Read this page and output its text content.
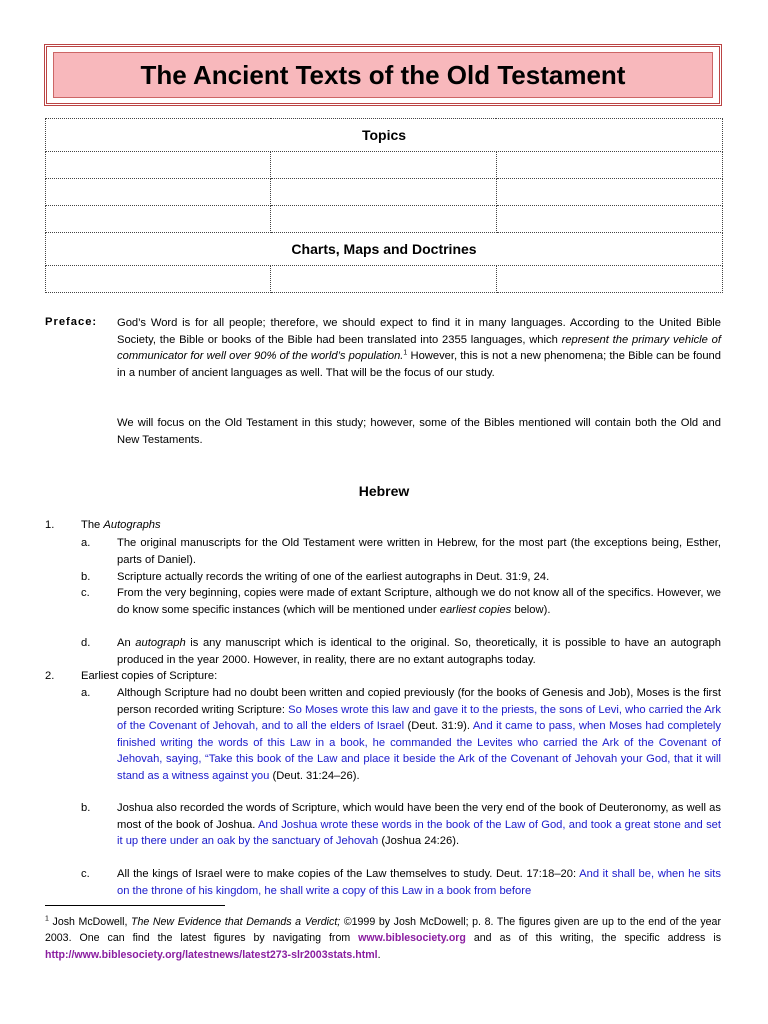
The Ancient Texts of the Old Testament
Topics		

Charts, Maps and Doctrines		

Preface: God’s Word is for all people; therefore, we should expect to find it in many languages. According to the United Bible Society, the Bible or books of the Bible had been translated into 2355 languages, which represent the primary vehicle of communicator for well over 90% of the world’s population.$^1$ However, this is not a new phenomena; the Bible can be found in a number of ancient languages as well. That will be the focus of our study.
We will focus on the Old Testament in this study; however, some of the Bibles mentioned will contain both the Old and New Testaments.
Hebrew
1. The Autographs
a. The original manuscripts for the Old Testament were written in Hebrew, for the most part (the exceptions being, Esther, parts of Daniel).
b. Scripture actually records the writing of one of the earliest autographs in Deut. 31:9, 24.
c. From the very beginning, copies were made of extant Scripture, although we do not know all of the specifics. However, we do know some specific instances (which will be mentioned under earliest copies below).
d. An autograph is any manuscript which is identical to the original. So, theoretically, it is possible to have an autograph produced in the year 2000. However, in reality, there are no extant autographs today.
2. Earliest copies of Scripture:
a. Although Scripture had no doubt been written and copied previously (for the books of Genesis and Job), Moses is the first person recorded writing Scripture: So Moses wrote this law and gave it to the priests, the sons of Levi, who carried the Ark of the Covenant of Jehovah, and to all the elders of Israel (Deut. 31:9). And it came to pass, when Moses had completely finished writing the words of this Law in a book, he commanded the Levites who carried the Ark of the Covenant of Jehovah, saying, “Take this book of the Law and place it beside the Ark of the Covenant of Jehovah your God, that it will stand as a witness against you (Deut. 31:24–26).
b. Joshua also recorded the words of Scripture, which would have been the very end of the book of Deuteronomy, as well as most of the book of Joshua. And Joshua wrote these words in the book of the Law of God, and took a great stone and set it up there under an oak by the sanctuary of Jehovah (Joshua 24:26).
c. All the kings of Israel were to make copies of the Law themselves to study. Deut. 17:18–20: And it shall be, when he sits on the throne of his kingdom, he shall write a copy of this Law in a book from before
$^1$ Josh McDowell, The New Evidence that Demands a Verdict; ©1999 by Josh McDowell; p. 8. The figures given are up to the end of the year 2003. One can find the latest figures by navigating from www.biblesociety.org and as of this writing, the specific address is http://www.biblesociety.org/latestnews/latest273-slr2003stats.html.
